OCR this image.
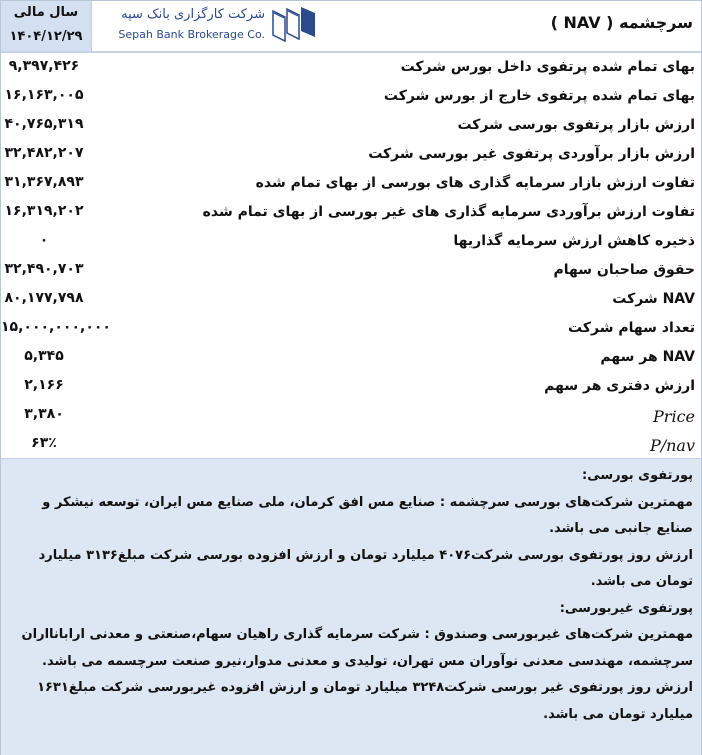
سال مالی
۱۴۰۴/۱۲/۲۹
شرکت کارگزاری بانک سپه
Sepah Bank Brokerage Co.
سرچشمه ( NAV )
بهای تمام شده پرتفوی داخل بورس شرکت
۹,۳۹۷,۴۲۶
بهای تمام شده پرتفوی خارج از بورس شرکت
۱۶,۱۶۳,۰۰۵
ارزش بازار پرتفوی بورسی شرکت
۴۰,۷۶۵,۳۱۹
ارزش بازار برآوردی پرتفوی غیر بورسی شرکت
۳۲,۴۸۲,۲۰۷
تفاوت ارزش بازار سرمایه گذاری های بورسی از بهای تمام شده
۳۱,۳۶۷,۸۹۳
تفاوت ارزش برآوردی سرمایه گذاری های غیر بورسی از بهای تمام شده
۱۶,۳۱۹,۲۰۲
ذخیره کاهش ارزش سرمایه گذاریها
۰
حقوق صاحبان سهام
۳۲,۴۹۰,۷۰۳
NAV شرکت
۸۰,۱۷۷,۷۹۸
تعداد سهام شرکت
۱۵,۰۰۰,۰۰۰,۰۰۰
NAV هر سهم
۵,۳۴۵
ارزش دفتری هر سهم
۲,۱۶۶
Price
۳,۳۸۰
P/nav
۶۳٪

پورتفوی بورسی:

مهمترین شرکت‌های بورسی سرچشمه : صنایع مس افق کرمان، ملی صنایع مس ایران، توسعه نیشکر و صنایع جانبی می باشد.

ارزش روز پورتفوی بورسی شرکت۴۰۷۶ میلیارد تومان و ارزش افزوده بورسی شرکت مبلغ۳۱۳۶ میلیارد تومان می باشد.

پورتفوی غیربورسی:

مهمترین شرکت‌های غیربورسی وصندوق : شرکت سرمایه گذاری راهیان سهام،صنعتی و معدنی ارابانااران سرچشمه، مهندسی معدنی نوآوران مس تهران، تولیدی و معدنی مدوار،نیرو صنعت سرچسمه می باشد.

ارزش روز پورتفوی غیر بورسی شرکت۳۲۴۸ میلیارد تومان و ارزش افزوده غیربورسی شرکت مبلغ۱۶۳۱ میلیارد تومان می باشد.
